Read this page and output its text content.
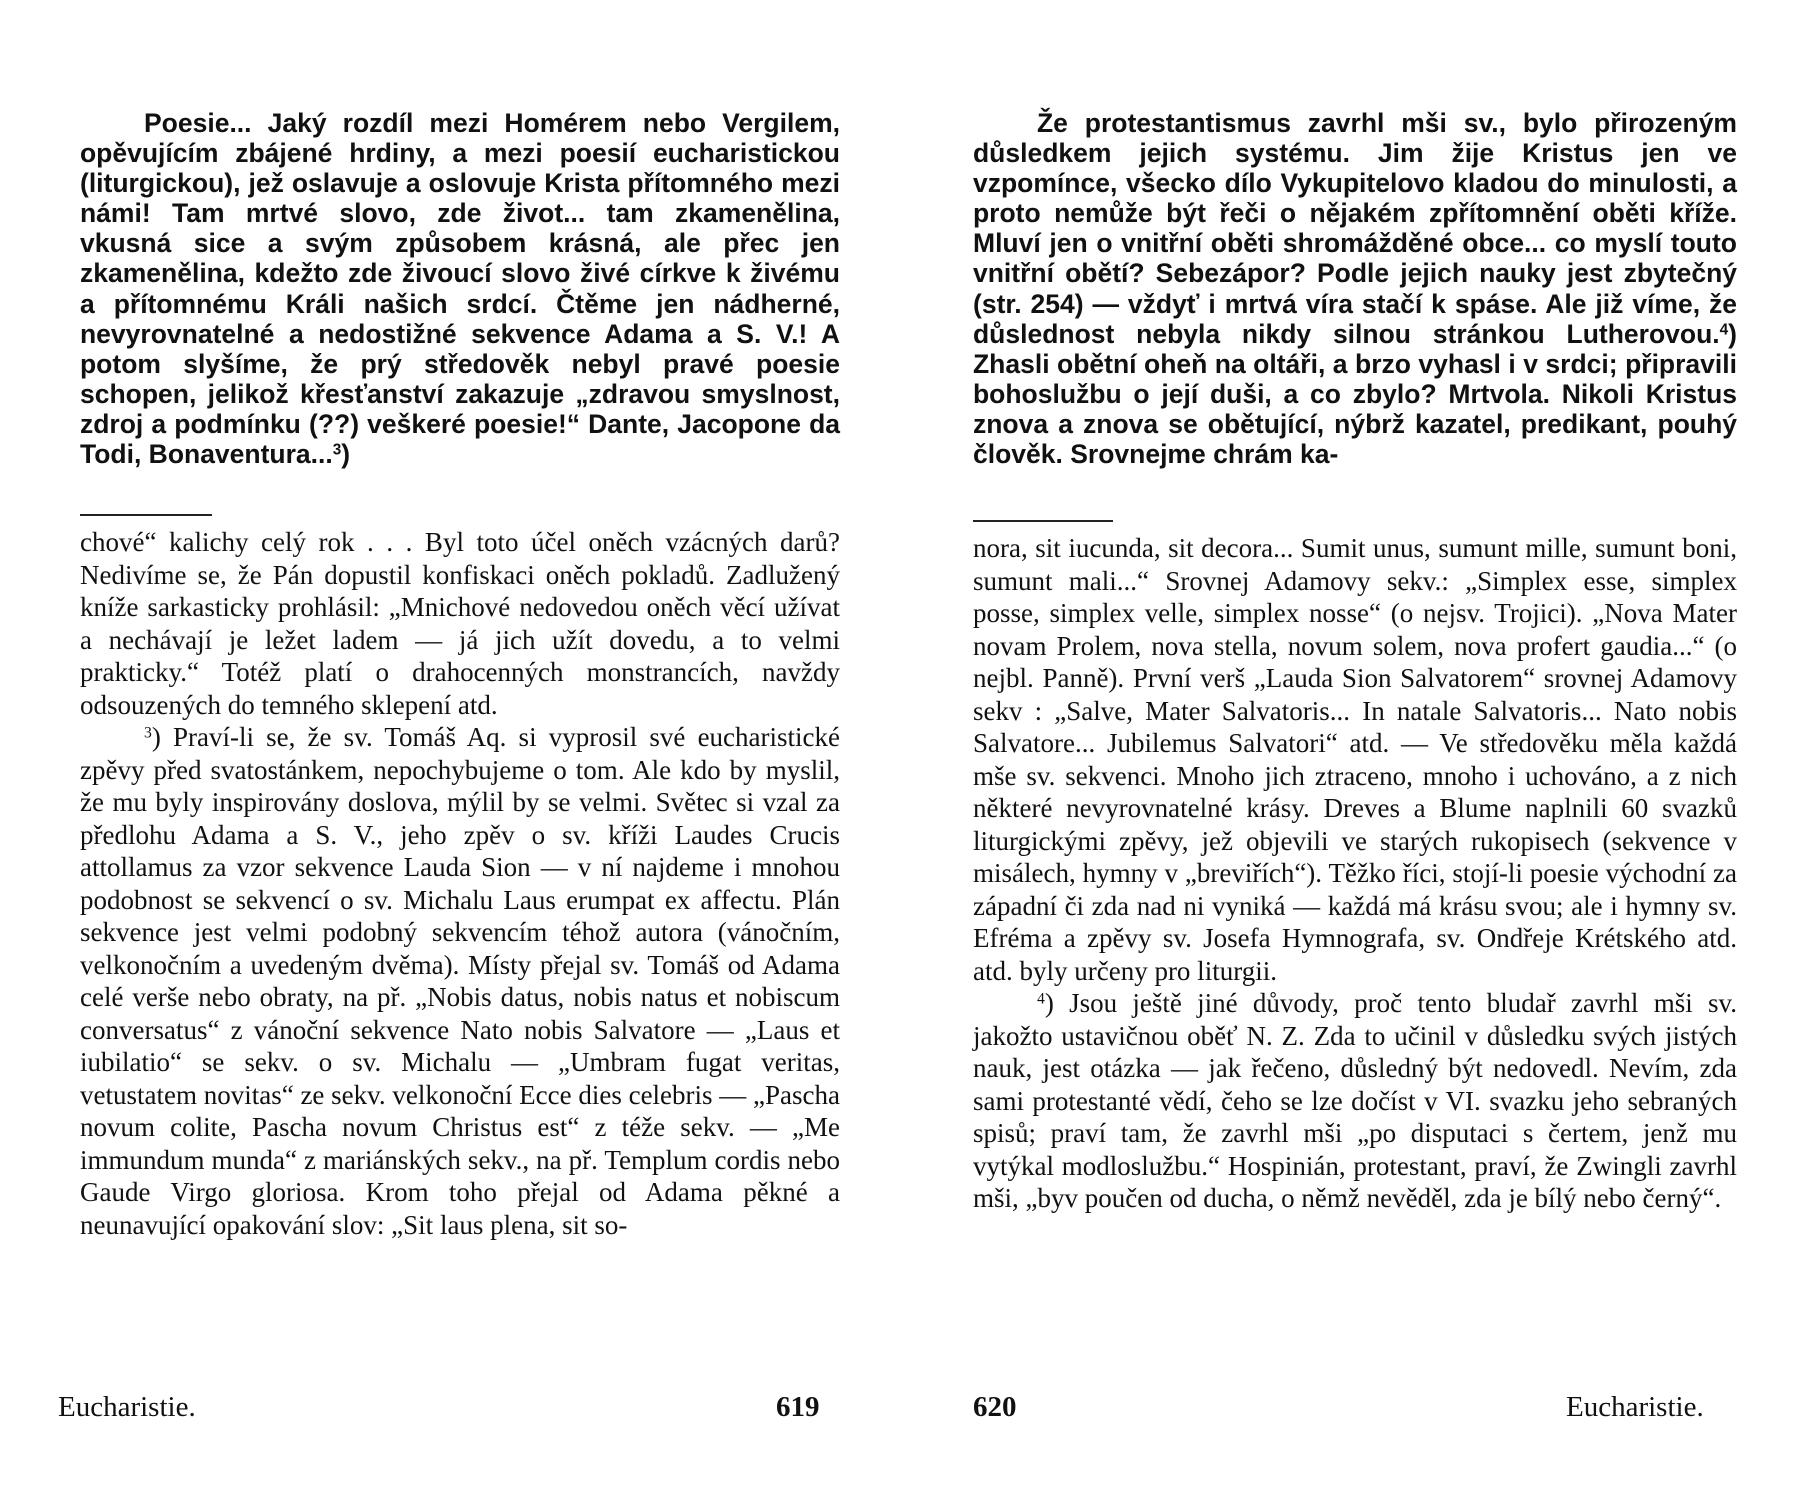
Poesie... Jaký rozdíl mezi Homérem nebo Vergilem, opěvujícím zbájené hrdiny, a mezi poesií eucharistickou (liturgickou), jež oslavuje a oslovuje Krista přítomného mezi námi! Tam mrtvé slovo, zde život... tam zkamenělina, vkusná sice a svým způsobem krásná, ale přec jen zkamenělina, kdežto zde živoucí slovo živé církve k živému a přítomnému Králi našich srdcí. Čtěme jen nádherné, nevyrovnatelné a nedostižné sekvence Adama a S. V.! A potom slyšíme, že prý středověk nebyl pravé poesie schopen, jelikož křesťanství zakazuje „zdravou smyslnost, zdroj a podmínku (??) veškeré poesie!“ Dante, Jacopone da Todi, Bonaventura...$^3$)

chové“ kalichy celý rok . . . Byl toto účel oněch vzácných darů? Nedivíme se, že Pán dopustil konfiskaci oněch pokladů. Zadlužený kníže sarkasticky prohlásil: „Mnichové nedovedou oněch věcí užívat a nechávají je ležet ladem — já jich užít dovedu, a to velmi prakticky.“ Totéž platí o drahocenných monstrancích, navždy odsouzených do temného sklepení atd.

$^3$) Praví-li se, že sv. Tomáš Aq. si vyprosil své eucharistické zpěvy před svatostánkem, nepochybujeme o tom. Ale kdo by myslil, že mu byly inspirovány doslova, mýlil by se velmi. Světec si vzal za předlohu Adama a S. V., jeho zpěv o sv. kříži Laudes Crucis attollamus za vzor sekvence Lauda Sion — v ní najdeme i mnohou podobnost se sekvencí o sv. Michalu Laus erumpat ex affectu. Plán sekvence jest velmi podobný sekvencím téhož autora (vánočním, velkonočním a uvedeným dvěma). Místy přejal sv. Tomáš od Adama celé verše nebo obraty, na př. „Nobis datus, nobis natus et nobiscum conversatus“ z vánoční sekvence Nato nobis Salvatore — „Laus et iubilatio“ se sekv. o sv. Michalu — „Umbram fugat veritas, vetustatem novitas“ ze sekv. velkonoční Ecce dies celebris — „Pascha novum colite, Pascha novum Christus est“ z téže sekv. — „Me immundum munda“ z mariánských sekv., na př. Templum cordis nebo Gaude Virgo gloriosa. Krom toho přejal od Adama pěkné a neunavující opakování slov: „Sit laus plena, sit so-

Eucharistie.	619

Že protestantismus zavrhl mši sv., bylo přirozeným důsledkem jejich systému. Jim žije Kristus jen ve vzpomínce, všecko dílo Vykupitelovo kladou do minulosti, a proto nemůže být řeči o nějakém zpřítomnění oběti kříže. Mluví jen o vnitřní oběti shromážděné obce... co myslí touto vnitřní obětí? Sebezápor? Podle jejich nauky jest zbytečný (str. 254) — vždyť i mrtvá víra stačí k spáse. Ale již víme, že důslednost nebyla nikdy silnou stránkou Lutherovou.$^4$) Zhasli obětní oheň na oltáři, a brzo vyhasl i v srdci; připravili bohoslužbu o její duši, a co zbylo? Mrtvola. Nikoli Kristus znova a znova se obětující, nýbrž kazatel, predikant, pouhý člověk. Srovnejme chrám ka-

nora, sit iucunda, sit decora... Sumit unus, sumunt mille, sumunt boni, sumunt mali...“ Srovnej Adamovy sekv.: „Simplex esse, simplex posse, simplex velle, simplex nosse“ (o nejsv. Trojici). „Nova Mater novam Prolem, nova stella, novum solem, nova profert gaudia...“ (o nejbl. Panně). První verš „Lauda Sion Salvatorem“ srovnej Adamovy sekv : „Salve, Mater Salvatoris... In natale Salvatoris... Nato nobis Salvatore... Jubilemus Salvatori“ atd. — Ve středověku měla každá mše sv. sekvenci. Mnoho jich ztraceno, mnoho i uchováno, a z nich některé nevyrovnatelné krásy. Dreves a Blume naplnili 60 svazků liturgickými zpěvy, jež objevili ve starých rukopisech (sekvence v misálech, hymny v „breviřích“). Těžko říci, stojí-li poesie východní za západní či zda nad ni vyniká — každá má krásu svou; ale i hymny sv. Efréma a zpěvy sv. Josefa Hymnografa, sv. Ondřeje Krétského atd. atd. byly určeny pro liturgii.

$^4$) Jsou ještě jiné důvody, proč tento bludař zavrhl mši sv. jakožto ustavičnou oběť N. Z. Zda to učinil v důsledku svých jistých nauk, jest otázka — jak řečeno, důsledný být nedovedl. Nevím, zda sami protestanté vědí, čeho se lze dočíst v VI. svazku jeho sebraných spisů; praví tam, že zavrhl mši „po disputaci s čertem, jenž mu vytýkal modloslužbu.“ Hospinián, protestant, praví, že Zwingli zavrhl mši, „byv poučen od ducha, o němž nevěděl, zda je bílý nebo černý“.

620	Eucharistie.
